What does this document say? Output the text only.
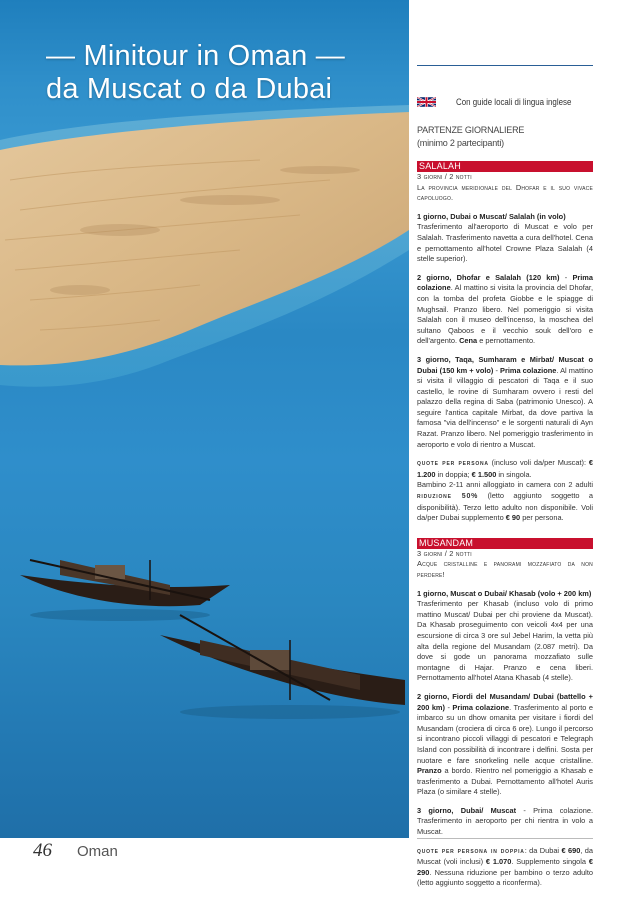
— Minitour in Oman —
da Muscat o da Dubai	Con guide locali di lingua inglese
PARTENZE GIORNALIERE
(minimo 2 partecipanti)
SALALAH

3 giorni / 2 notti

La provincia meridionale del Dhofar e il suo vivace capoluogo.

1 giorno, Dubai o Muscat/ Salalah (in volo)
Trasferimento all'aeroporto di Muscat e volo per Salalah. Trasferimento navetta a cura dell'hotel. Cena e pernottamento all'hotel Crowne Plaza Salalah (4 stelle superior).

2 giorno, Dhofar e Salalah (120 km) - Prima colazione. Al mattino si visita la provincia del Dhofar, con la tomba del profeta Giobbe e le spiagge di Mughsail. Pranzo libero. Nel pomeriggio si visita Salalah con il museo dell'incenso, la moschea del sultano Qaboos e il vecchio souk dell'oro e dell'argento. Cena e pernottamento.

3 giorno, Taqa, Sumharam e Mirbat/ Muscat o Dubai (150 km + volo) - Prima colazione. Al mattino si visita il villaggio di pescatori di Taqa e il suo castello, le rovine di Sumharam ovvero i resti del palazzo della regina di Saba (patrimonio Unesco). A seguire l'antica capitale Mirbat, da dove partiva la famosa "via dell'incenso" e le sorgenti naturali di Ayn Razat. Pranzo libero. Nel pomeriggio trasferimento in aeroporto e volo di rientro a Muscat.

quote per persona (incluso voli da/per Muscat): € 1.200 in doppia; € 1.500 in singola.
Bambino 2-11 anni alloggiato in camera con 2 adulti riduzione 50% (letto aggiunto soggetto a disponibilità). Terzo letto adulto non disponibile. Voli da/per Dubai supplemento € 90 per persona.

MUSANDAM

3 giorni / 2 notti

Acque cristalline e panorami mozzafiato da non perdere!

1 giorno, Muscat o Dubai/ Khasab (volo + 200 km)
Trasferimento per Khasab (incluso volo di primo mattino Muscat/ Dubai per chi proviene da Muscat). Da Khasab proseguimento con veicoli 4x4 per una escursione di circa 3 ore sul Jebel Harim, la vetta più alta della regione del Musandam (2.087 metri). Da dove si gode un panorama mozzafiato sulle montagne di Hajar. Pranzo e cena liberi. Pernottamento all'hotel Atana Khasab (4 stelle).

2 giorno, Fiordi del Musandam/ Dubai (battello + 200 km) - Prima colazione. Trasferimento al porto e imbarco su un dhow omanita per visitare i fiordi del Musandam (crociera di circa 6 ore). Lungo il percorso si incontrano piccoli villaggi di pescatori e Telegraph Island con possibilità di incontrare i delfini. Sosta per nuotare e fare snorkeling nelle acque cristalline. Pranzo a bordo. Rientro nel pomeriggio a Khasab e trasferimento a Dubai. Pernottamento all'hotel Auris Plaza (o similare 4 stelle).

3 giorno, Dubai/ Muscat - Prima colazione. Trasferimento in aeroporto per chi rientra in volo a Muscat.

quote per persona in doppia: da Dubai € 690, da Muscat (voli inclusi) € 1.070. Supplemento singola € 290. Nessuna riduzione per bambino o terzo adulto (letto aggiunto soggetto a riconferma).

46 Oman
